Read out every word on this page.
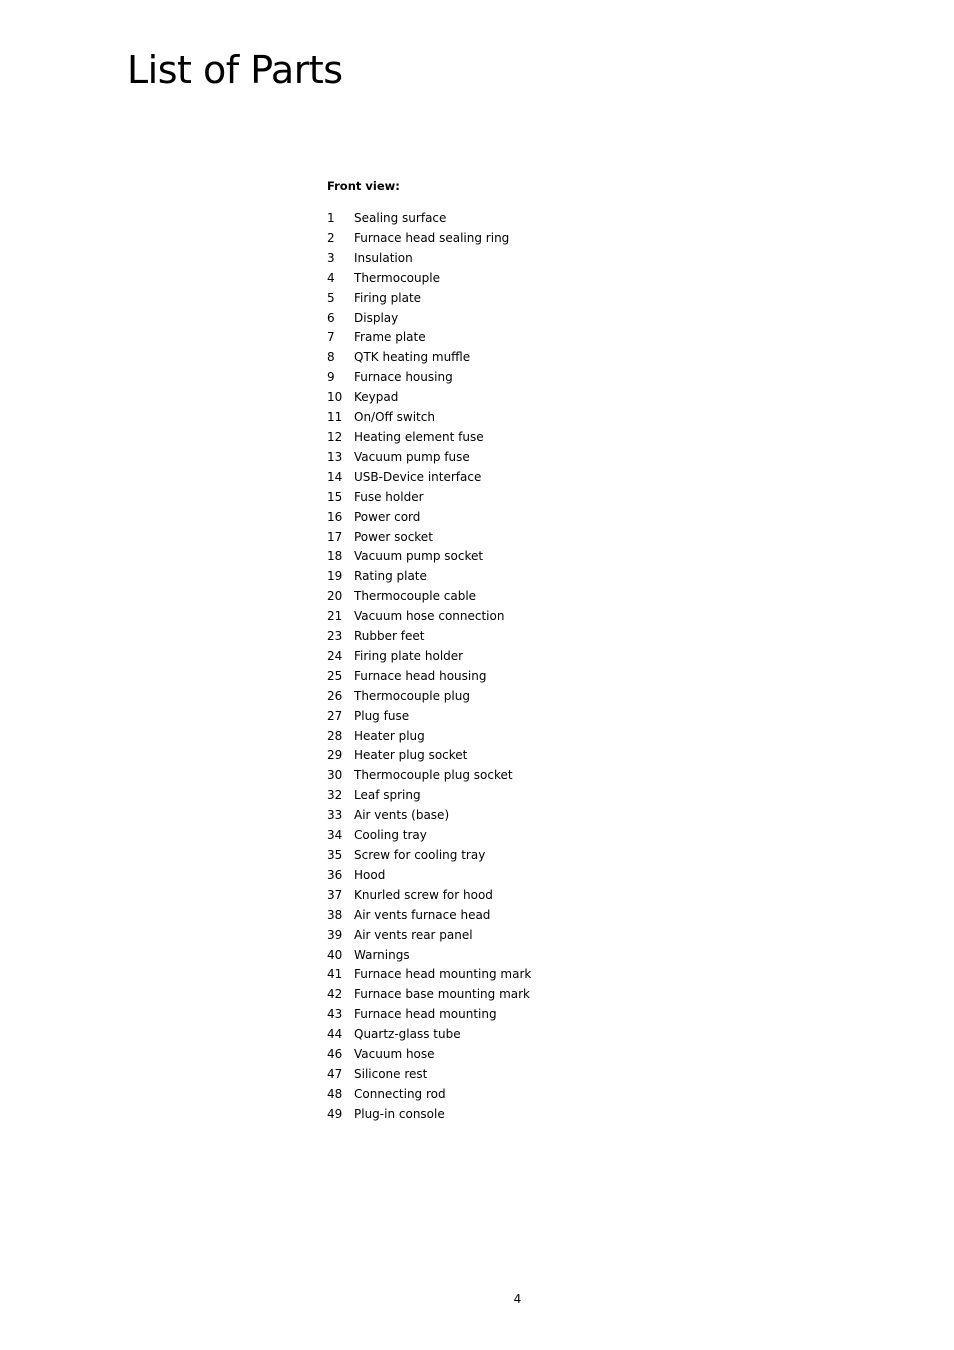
List of Parts
Front view:
1	Sealing surface
2	Furnace head sealing ring
3	Insulation
4	Thermocouple
5	Firing plate
6	Display
7	Frame plate
8	QTK heating muffle
9	Furnace housing
10 Keypad
11 On/Off switch
12 Heating element fuse
13 Vacuum pump fuse
14 USB-Device interface
15 Fuse holder
16 Power cord
17 Power socket
18 Vacuum pump socket
19 Rating plate
20 Thermocouple cable
21 Vacuum hose connection
23 Rubber feet
24 Firing plate holder
25 Furnace head housing
26 Thermocouple plug
27 Plug fuse
28 Heater plug
29 Heater plug socket
30 Thermocouple plug socket
32 Leaf spring
33 Air vents (base)
34 Cooling tray
35 Screw for cooling tray
36 Hood
37 Knurled screw for hood
38 Air vents furnace head
39 Air vents rear panel
40 Warnings
41 Furnace head mounting mark
42 Furnace base mounting mark
43 Furnace head mounting
44 Quartz-glass tube
46 Vacuum hose
47 Silicone rest
48 Connecting rod
49 Plug-in console
4
